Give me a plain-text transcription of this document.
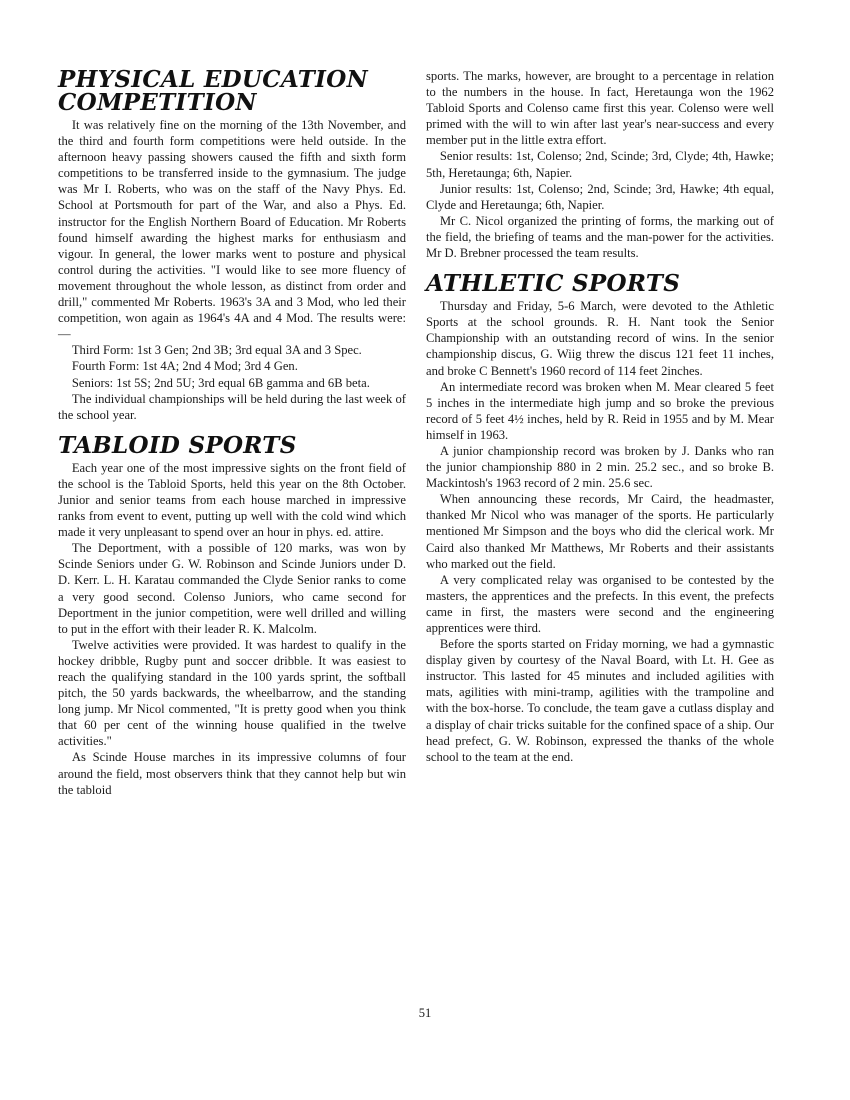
PHYSICAL EDUCATION COMPETITION

It was relatively fine on the morning of the 13th November, and the third and fourth form competitions were held outside. In the afternoon heavy passing showers caused the fifth and sixth form competitions to be transferred inside to the gymnasium. The judge was Mr I. Roberts, who was on the staff of the Navy Phys. Ed. School at Portsmouth for part of the War, and also a Phys. Ed. instructor for the English Northern Board of Education. Mr Roberts found himself awarding the highest marks for enthusiasm and vigour. In general, the lower marks went to posture and physical control during the activities. "I would like to see more fluency of movement throughout the whole lesson, as distinct from order and drill," commented Mr Roberts. 1963's 3A and 3 Mod, who led their competition, won again as 1964's 4A and 4 Mod. The results were:—

Third Form: 1st 3 Gen; 2nd 3B; 3rd equal 3A and 3 Spec.

Fourth Form: 1st 4A; 2nd 4 Mod; 3rd 4 Gen.

Seniors: 1st 5S; 2nd 5U; 3rd equal 6B gamma and 6B beta.

The individual championships will be held during the last week of the school year.

TABLOID SPORTS

Each year one of the most impressive sights on the front field of the school is the Tabloid Sports, held this year on the 8th October. Junior and senior teams from each house marched in impressive ranks from event to event, putting up well with the cold wind which made it very unpleasant to spend over an hour in phys. ed. attire.

The Deportment, with a possible of 120 marks, was won by Scinde Seniors under G. W. Robinson and Scinde Juniors under D. D. Kerr. L. H. Karatau commanded the Clyde Senior ranks to come a very good second. Colenso Juniors, who came second for Deportment in the junior competition, were well drilled and willing to put in the effort with their leader R. K. Malcolm.

Twelve activities were provided. It was hardest to qualify in the hockey dribble, Rugby punt and soccer dribble. It was easiest to reach the qualifying standard in the 100 yards sprint, the softball pitch, the 50 yards backwards, the wheelbarrow, and the standing long jump. Mr Nicol commented, "It is pretty good when you think that 60 per cent of the winning house qualified in the twelve activities."

As Scinde House marches in its impressive columns of four around the field, most observers think that they cannot help but win the tabloid

sports. The marks, however, are brought to a percentage in relation to the numbers in the house. In fact, Heretaunga won the 1962 Tabloid Sports and Colenso came first this year. Colenso were well primed with the will to win after last year's near-success and every member put in the little extra effort.

Senior results: 1st, Colenso; 2nd, Scinde; 3rd, Clyde; 4th, Hawke; 5th, Heretaunga; 6th, Napier.

Junior results: 1st, Colenso; 2nd, Scinde; 3rd, Hawke; 4th equal, Clyde and Heretaunga; 6th, Napier.

Mr C. Nicol organized the printing of forms, the marking out of the field, the briefing of teams and the man-power for the activities. Mr D. Brebner processed the team results.

ATHLETIC SPORTS

Thursday and Friday, 5-6 March, were devoted to the Athletic Sports at the school grounds. R. H. Nant took the Senior Championship with an outstanding record of wins. In the senior championship discus, G. Wiig threw the discus 121 feet 11 inches, and broke C Bennett's 1960 record of 114 feet 2inches.

An intermediate record was broken when M. Mear cleared 5 feet 5 inches in the intermediate high jump and so broke the previous record of 5 feet 4½ inches, held by R. Reid in 1955 and by M. Mear himself in 1963.

A junior championship record was broken by J. Danks who ran the junior championship 880 in 2 min. 25.2 sec., and so broke B. Mackintosh's 1963 record of 2 min. 25.6 sec.

When announcing these records, Mr Caird, the headmaster, thanked Mr Nicol who was manager of the sports. He particularly mentioned Mr Simpson and the boys who did the clerical work. Mr Caird also thanked Mr Matthews, Mr Roberts and their assistants who marked out the field.

A very complicated relay was organised to be contested by the masters, the apprentices and the prefects. In this event, the prefects came in first, the masters were second and the engineering apprentices were third.

Before the sports started on Friday morning, we had a gymnastic display given by courtesy of the Naval Board, with Lt. H. Gee as instructor. This lasted for 45 minutes and included agilities with mats, agilities with mini-tramp, agilities with the trampoline and with the box-horse. To conclude, the team gave a cutlass display and a display of chair tricks suitable for the confined space of a ship. Our head prefect, G. W. Robinson, expressed the thanks of the whole school to the team at the end.

51
